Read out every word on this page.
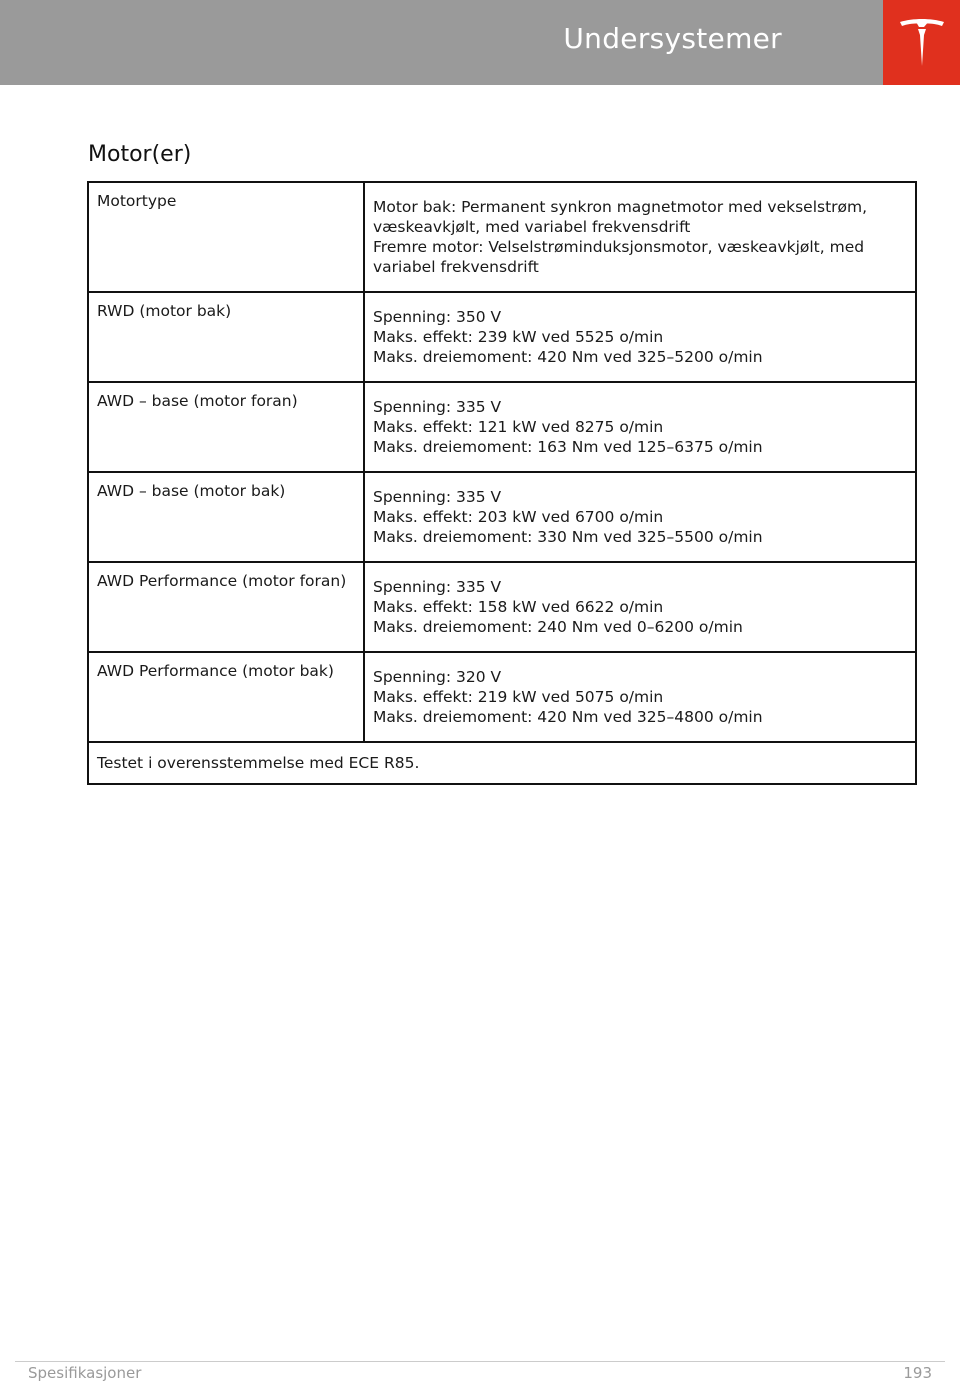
Undersystemer
Motor(er)
Motortype	Motor bak: Permanent synkron magnetmotor med vekselstrøm,
væskeavkjølt, med variabel frekvensdrift
Fremre motor: Velselstrøminduksjonsmotor, væskeavkjølt, med
variabel frekvensdrift

RWD (motor bak)	Spenning: 350 V
Maks. effekt: 239 kW ved 5525 o/min
Maks. dreiemoment: 420 Nm ved 325–5200 o/min

AWD – base (motor foran)	Spenning: 335 V
Maks. effekt: 121 kW ved 8275 o/min
Maks. dreiemoment: 163 Nm ved 125–6375 o/min

AWD – base (motor bak)	Spenning: 335 V
Maks. effekt: 203 kW ved 6700 o/min
Maks. dreiemoment: 330 Nm ved 325–5500 o/min

AWD Performance (motor foran)	Spenning: 335 V
Maks. effekt: 158 kW ved 6622 o/min
Maks. dreiemoment: 240 Nm ved 0–6200 o/min

AWD Performance (motor bak)	Spenning: 320 V
Maks. effekt: 219 kW ved 5075 o/min
Maks. dreiemoment: 420 Nm ved 325–4800 o/min

Testet i overensstemmelse med ECE R85.	
Spesifikasjoner	193
